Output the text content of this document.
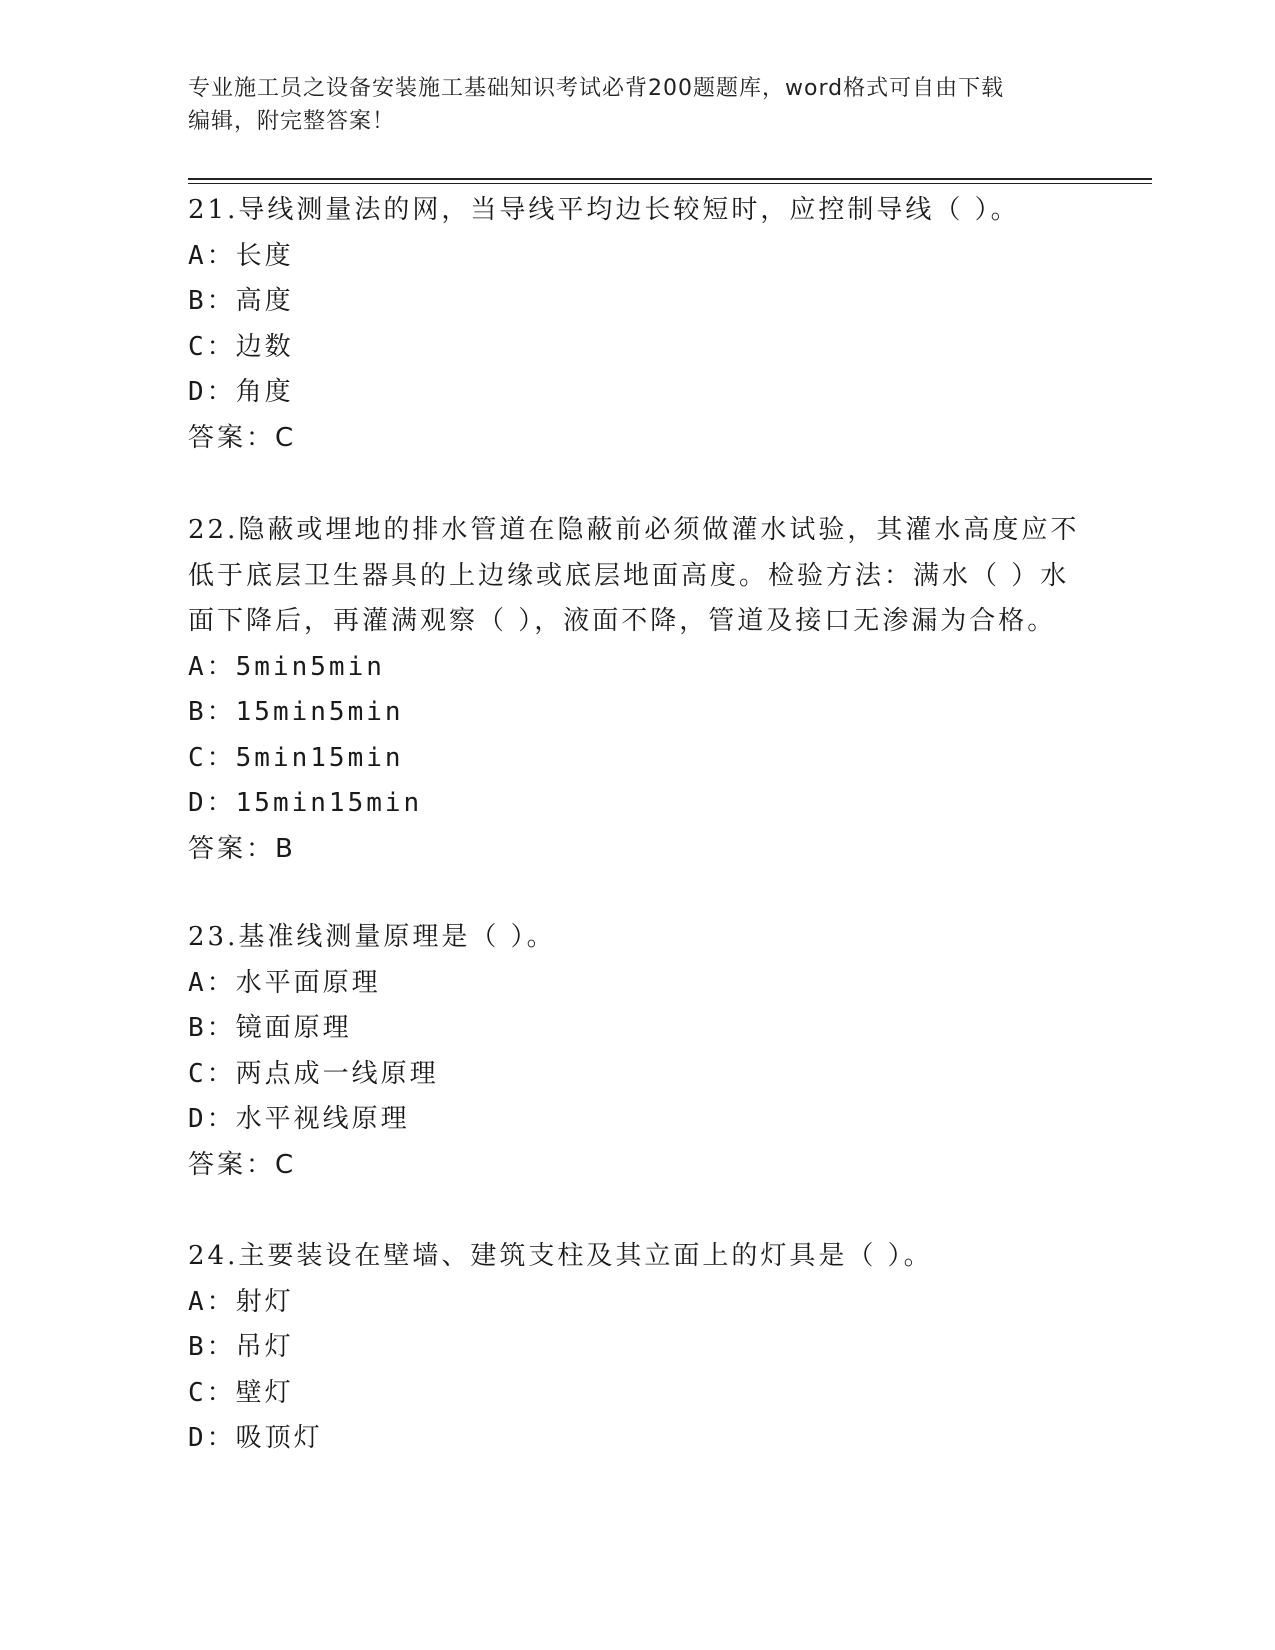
专业施工员之设备安装施工基础知识考试必背200题题库，word格式可自由下载
编辑，附完整答案！

21.导线测量法的网，当导线平均边长较短时，应控制导线（ ）。

A：长度

B：高度

C：边数

D：角度

答案：C

22.隐蔽或埋地的排水管道在隐蔽前必须做灌水试验，其灌水高度应不

低于底层卫生器具的上边缘或底层地面高度。检验方法：满水（ ）水

面下降后，再灌满观察（ ），液面不降，管道及接口无渗漏为合格。

A：5min5min

B：15min5min

C：5min15min

D：15min15min

答案：B

23.基准线测量原理是（ ）。

A：水平面原理

B：镜面原理

C：两点成一线原理

D：水平视线原理

答案：C

24.主要装设在壁墙、建筑支柱及其立面上的灯具是（ ）。

A：射灯

B：吊灯

C：壁灯

D：吸顶灯
